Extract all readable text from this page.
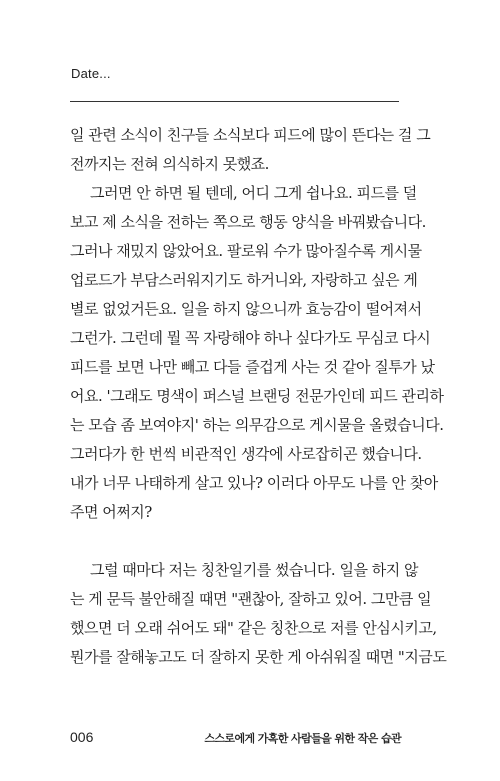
Date...
일 관련 소식이 친구들 소식보다 피드에 많이 뜬다는 걸 그
전까지는 전혀 의식하지 못했죠.
그러면 안 하면 될 텐데, 어디 그게 쉽나요. 피드를 덜
보고 제 소식을 전하는 쪽으로 행동 양식을 바꿔봤습니다.
그러나 재밌지 않았어요. 팔로워 수가 많아질수록 게시물
업로드가 부담스러워지기도 하거니와, 자랑하고 싶은 게
별로 없었거든요. 일을 하지 않으니까 효능감이 떨어져서
그런가. 그런데 뭘 꼭 자랑해야 하나 싶다가도 무심코 다시
피드를 보면 나만 빼고 다들 즐겁게 사는 것 같아 질투가 났
어요. '그래도 명색이 퍼스널 브랜딩 전문가인데 피드 관리하
는 모습 좀 보여야지' 하는 의무감으로 게시물을 올렸습니다.
그러다가 한 번씩 비관적인 생각에 사로잡히곤 했습니다.
내가 너무 나태하게 살고 있나? 이러다 아무도 나를 안 찾아
주면 어쩌지?
그럴 때마다 저는 칭찬일기를 썼습니다. 일을 하지 않
는 게 문득 불안해질 때면 "괜찮아, 잘하고 있어. 그만큼 일
했으면 더 오래 쉬어도 돼" 같은 칭찬으로 저를 안심시키고,
뭔가를 잘해놓고도 더 잘하지 못한 게 아쉬워질 때면 "지금도
006	스스로에게 가혹한 사람들을 위한 작은 습관
